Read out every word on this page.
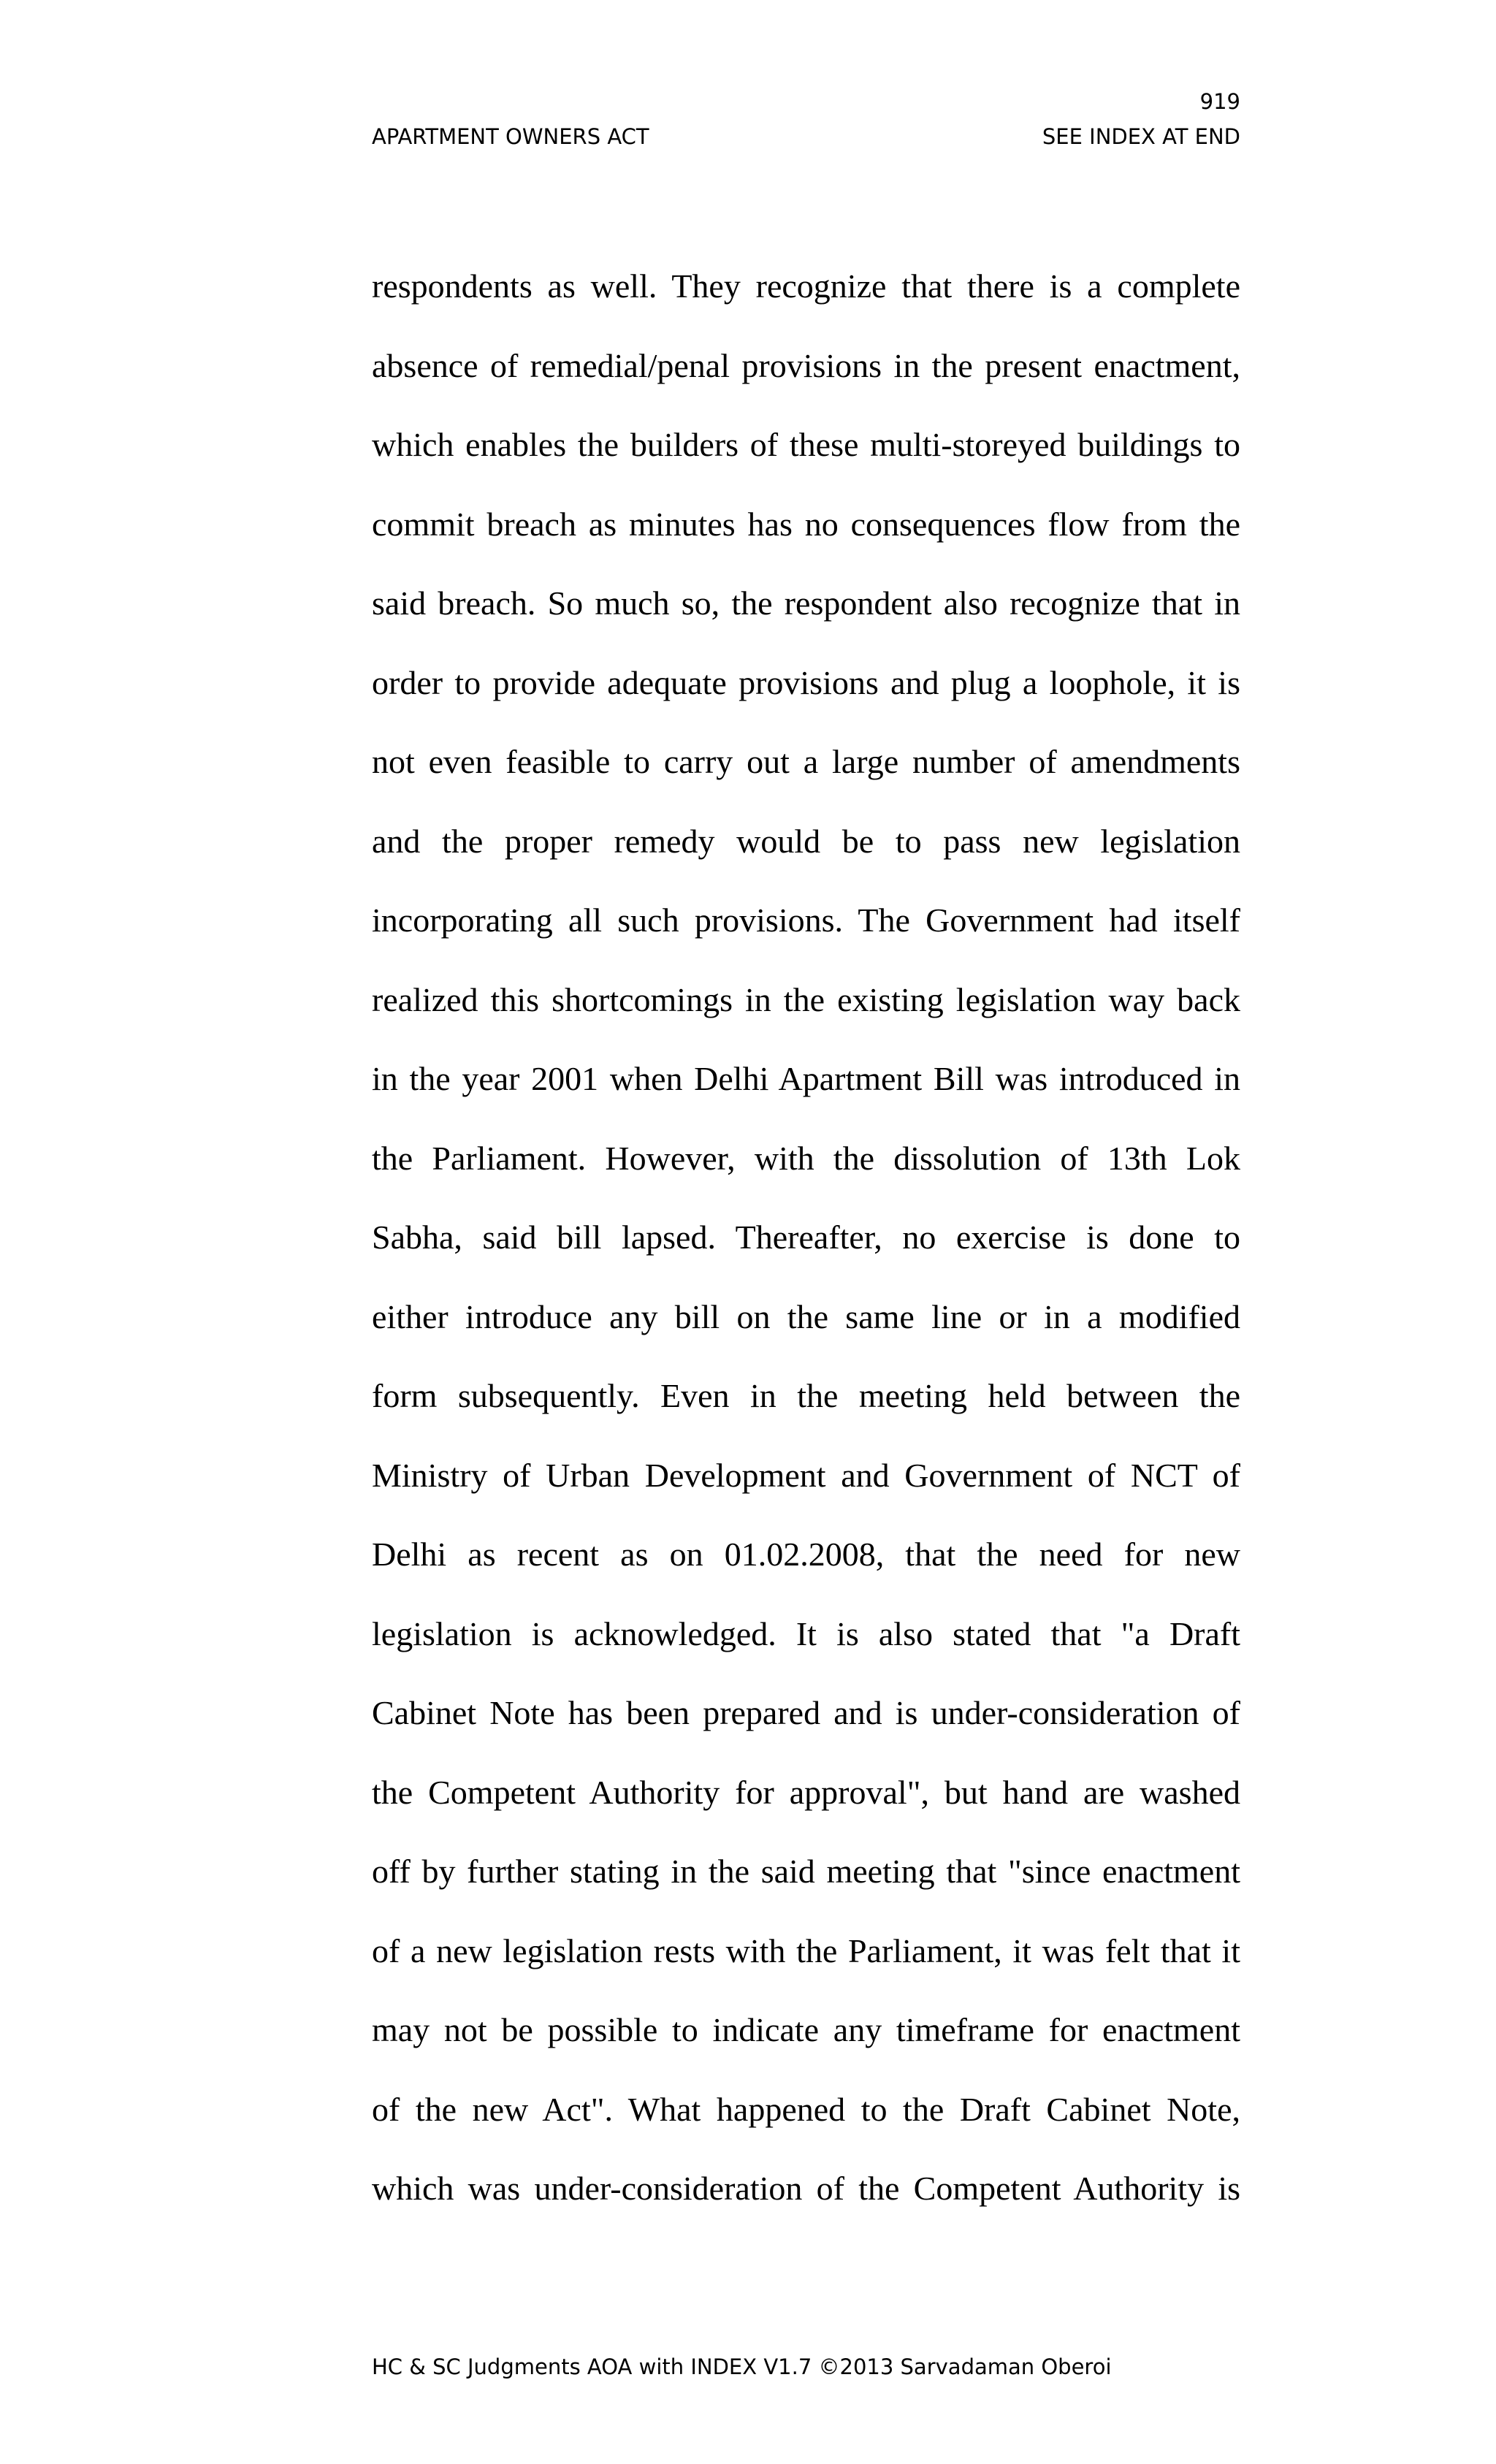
919
APARTMENT OWNERS ACT	SEE INDEX AT END
respondents as well. They recognize that there is a complete
absence of remedial/penal provisions in the present enactment,
which enables the builders of these multi-storeyed buildings to
commit breach as minutes has no consequences flow from the
said breach. So much so, the respondent also recognize that in
order to provide adequate provisions and plug a loophole, it is
not even feasible to carry out a large number of amendments
and the proper remedy would be to pass new legislation
incorporating all such provisions. The Government had itself
realized this shortcomings in the existing legislation way back
in the year 2001 when Delhi Apartment Bill was introduced in
the Parliament. However, with the dissolution of 13th Lok
Sabha, said bill lapsed. Thereafter, no exercise is done to
either introduce any bill on the same line or in a modified
form subsequently. Even in the meeting held between the
Ministry of Urban Development and Government of NCT of
Delhi as recent as on 01.02.2008, that the need for new
legislation is acknowledged. It is also stated that "a Draft
Cabinet Note has been prepared and is under-consideration of
the Competent Authority for approval", but hand are washed
off by further stating in the said meeting that "since enactment
of a new legislation rests with the Parliament, it was felt that it
may not be possible to indicate any timeframe for enactment
of the new Act". What happened to the Draft Cabinet Note,
which was under-consideration of the Competent Authority is
HC & SC Judgments AOA with INDEX V1.7 ©2013 Sarvadaman Oberoi
